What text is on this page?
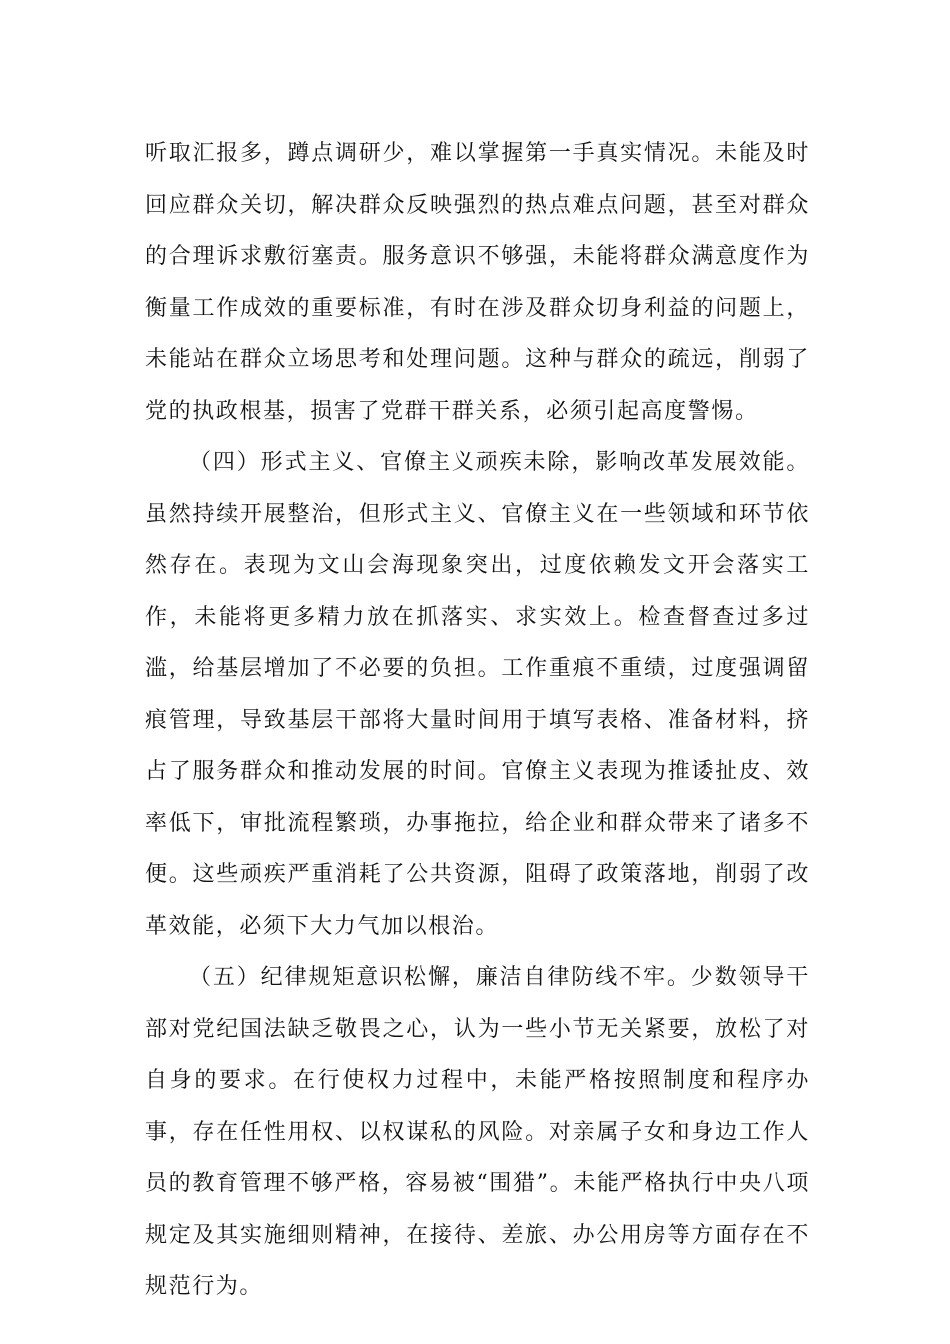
听取汇报多，蹲点调研少，难以掌握第一手真实情况。未能及时回应群众关切，解决群众反映强烈的热点难点问题，甚至对群众的合理诉求敷衍塞责。服务意识不够强，未能将群众满意度作为衡量工作成效的重要标准，有时在涉及群众切身利益的问题上，未能站在群众立场思考和处理问题。这种与群众的疏远，削弱了党的执政根基，损害了党群干群关系，必须引起高度警惕。

（四）形式主义、官僚主义顽疾未除，影响改革发展效能。虽然持续开展整治，但形式主义、官僚主义在一些领域和环节依然存在。表现为文山会海现象突出，过度依赖发文开会落实工作，未能将更多精力放在抓落实、求实效上。检查督查过多过滥，给基层增加了不必要的负担。工作重痕不重绩，过度强调留痕管理，导致基层干部将大量时间用于填写表格、准备材料，挤占了服务群众和推动发展的时间。官僚主义表现为推诿扯皮、效率低下，审批流程繁琐，办事拖拉，给企业和群众带来了诸多不便。这些顽疾严重消耗了公共资源，阻碍了政策落地，削弱了改革效能，必须下大力气加以根治。

（五）纪律规矩意识松懈，廉洁自律防线不牢。少数领导干部对党纪国法缺乏敬畏之心，认为一些小节无关紧要，放松了对自身的要求。在行使权力过程中，未能严格按照制度和程序办事，存在任性用权、以权谋私的风险。对亲属子女和身边工作人员的教育管理不够严格，容易被“围猎”。未能严格执行中央八项规定及其实施细则精神，在接待、差旅、办公用房等方面存在不规范行为。
